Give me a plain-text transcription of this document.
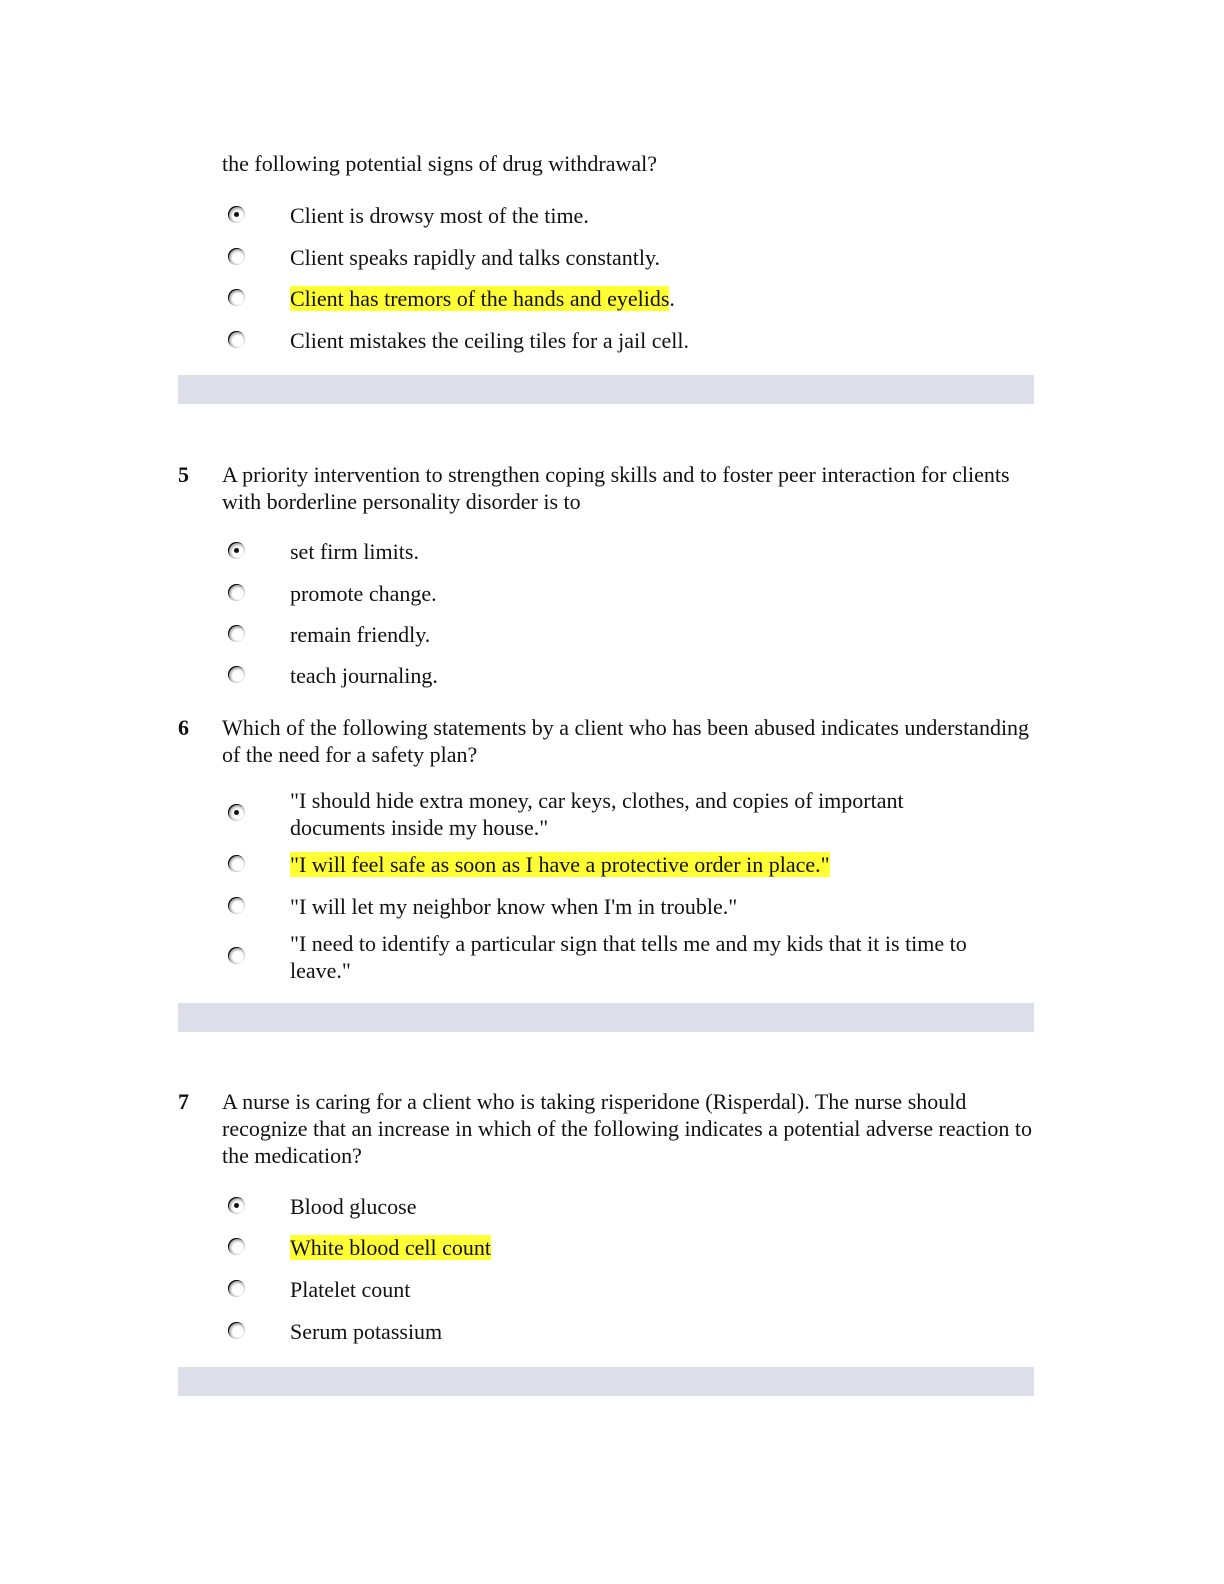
the following potential signs of drug withdrawal?
Client is drowsy most of the time.
Client speaks rapidly and talks constantly.
Client has tremors of the hands and eyelids.
Client mistakes the ceiling tiles for a jail cell.
5 A priority intervention to strengthen coping skills and to foster peer interaction for clients with borderline personality disorder is to
set firm limits.
promote change.
remain friendly.
teach journaling.
6 Which of the following statements by a client who has been abused indicates understanding of the need for a safety plan?
"I should hide extra money, car keys, clothes, and copies of important documents inside my house."
"I will feel safe as soon as I have a protective order in place."
"I will let my neighbor know when I'm in trouble."
"I need to identify a particular sign that tells me and my kids that it is time to leave."
7 A nurse is caring for a client who is taking risperidone (Risperdal). The nurse should recognize that an increase in which of the following indicates a potential adverse reaction to the medication?
Blood glucose
White blood cell count
Platelet count
Serum potassium
